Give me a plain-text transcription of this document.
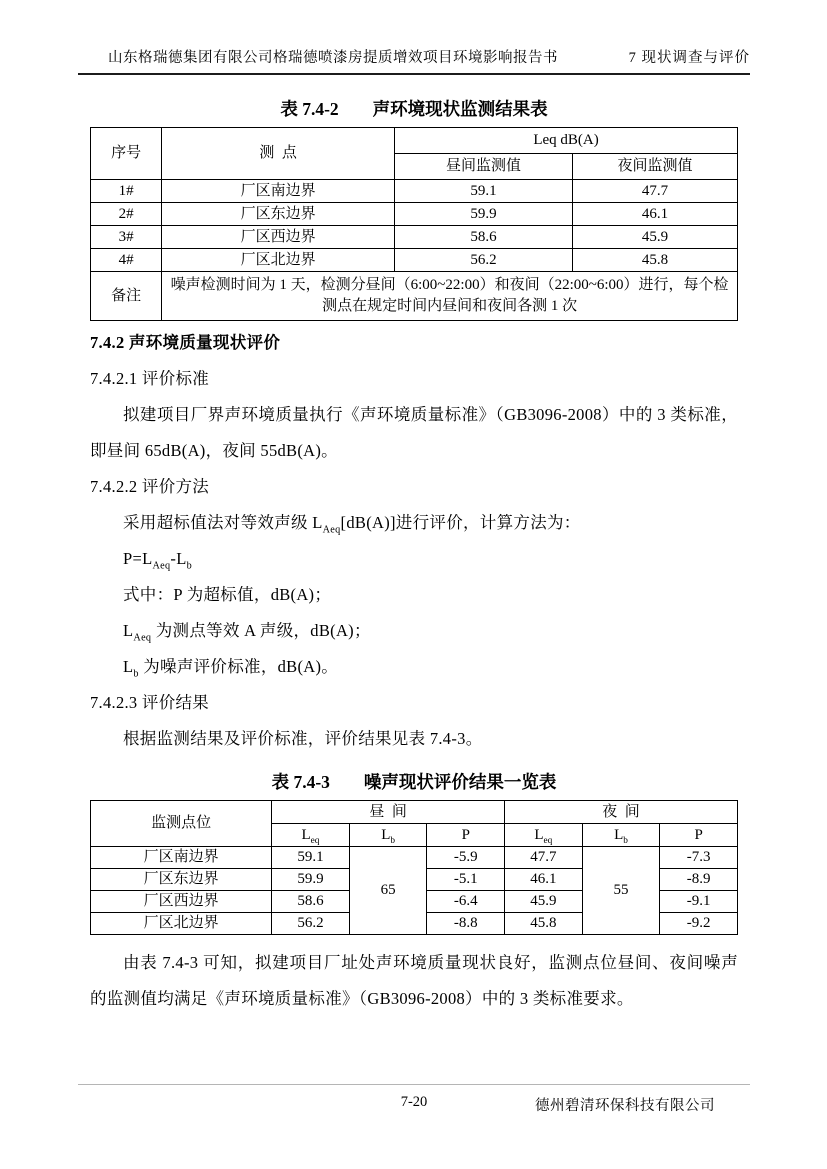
山东格瑞德集团有限公司格瑞德喷漆房提质增效项目环境影响报告书	7 现状调查与评价
表 7.4-2 声环境现状监测结果表
序号	测  点	Leq dB(A)	
		昼间监测值	夜间监测值
1#	厂区南边界	59.1	47.7
2#	厂区东边界	59.9	46.1
3#	厂区西边界	58.6	45.9
4#	厂区北边界	56.2	45.8
备注	噪声检测时间为 1 天，检测分昼间（6:00~22:00）和夜间（22:00~6:00）进行，每个检测点在规定时间内昼间和夜间各测 1 次		
7.4.2 声环境质量现状评价
7.4.2.1 评价标准
拟建项目厂界声环境质量执行《声环境质量标准》（GB3096-2008）中的 3 类标准，即昼间 65dB(A)，夜间 55dB(A)。
7.4.2.2 评价方法
采用超标值法对等效声级 $L_{Aeq}[dB(A)]$进行评价，计算方法为：
$P=L_{Aeq}-L_b$
式中：P 为超标值，dB(A)；
$L_{Aeq}$ 为测点等效 A 声级，dB(A)；
$L_b$ 为噪声评价标准，dB(A)。
7.4.2.3 评价结果
根据监测结果及评价标准，评价结果见表 7.4-3。
表 7.4-3 噪声现状评价结果一览表
监测点位	昼  间			夜  间		
	$L_{eq}$	$L_b$	P	$L_{eq}$	$L_b$	P
厂区南边界	59.1	65	-5.9	47.7	55	-7.3
厂区东边界	59.9		-5.1	46.1		-8.9
厂区西边界	58.6		-6.4	45.9		-9.1
厂区北边界	56.2		-8.8	45.8		-9.2
由表 7.4-3 可知，拟建项目厂址处声环境质量现状良好，监测点位昼间、夜间噪声的监测值均满足《声环境质量标准》（GB3096-2008）中的 3 类标准要求。
7-20	德州碧清环保科技有限公司
